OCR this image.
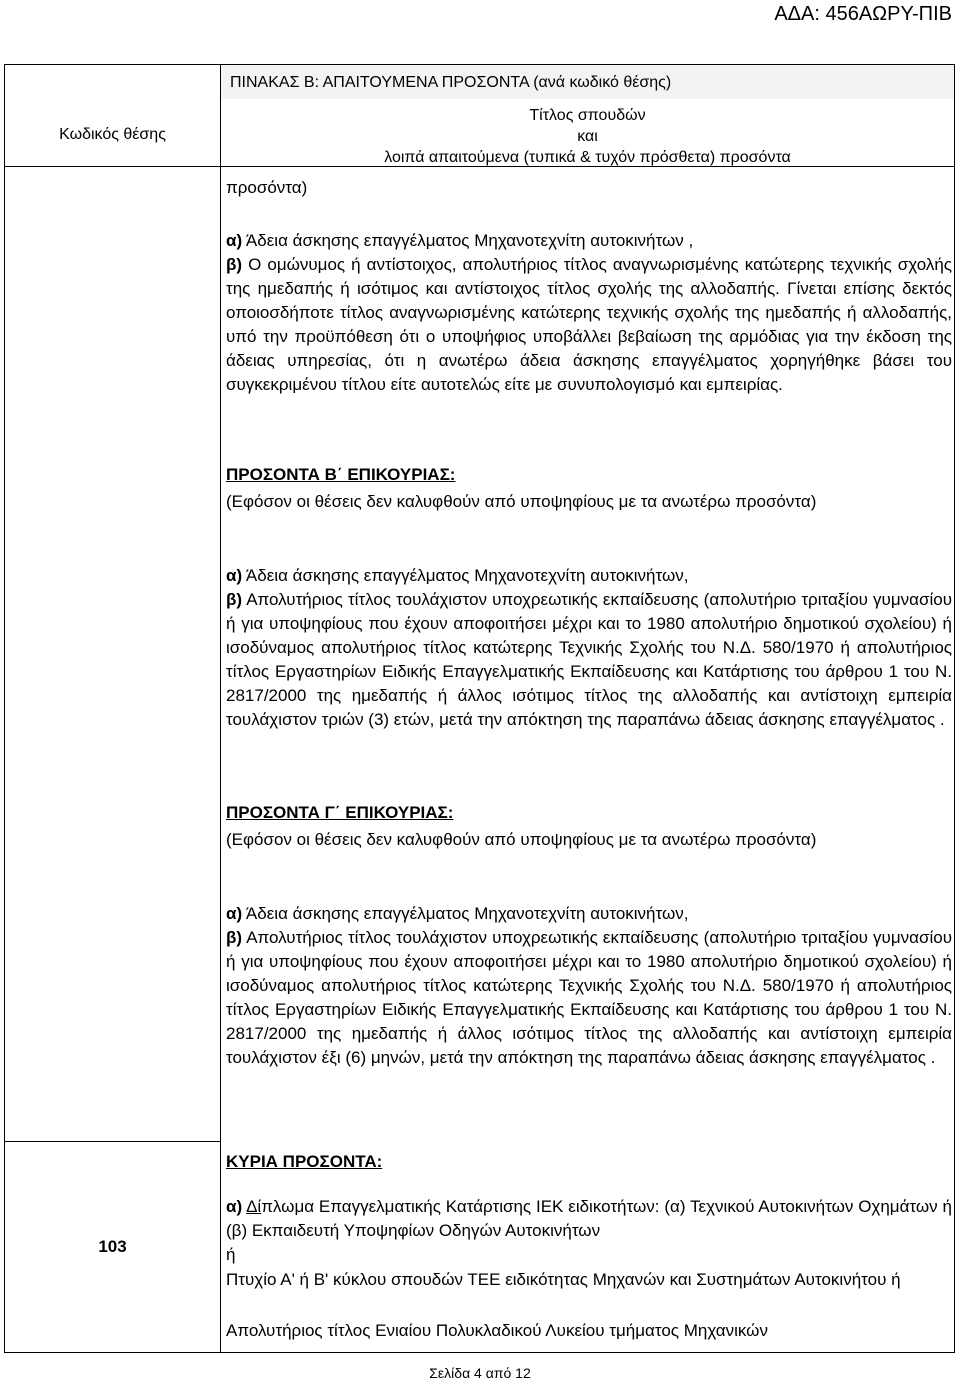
ΑΔΑ: 456ΑΩΡΥ-ΠΙΒ
ΠΙΝΑΚΑΣ Β: ΑΠΑΙΤΟΥΜΕΝΑ ΠΡΟΣΟΝΤΑ (ανά κωδικό θέσης)
Κωδικός θέσης
Τίτλος σπουδών
και
λοιπά απαιτούμενα (τυπικά & τυχόν πρόσθετα) προσόντα
προσόντα)
α) Άδεια άσκησης επαγγέλματος Μηχανοτεχνίτη αυτοκινήτων ,
β) Ο ομώνυμος ή αντίστοιχος, απολυτήριος τίτλος αναγνωρισμένης κατώτερης τεχνικής σχολής της ημεδαπής ή ισότιμος και αντίστοιχος τίτλος σχολής της αλλοδαπής. Γίνεται επίσης δεκτός οποιοσδήποτε τίτλος αναγνωρισμένης κατώτερης τεχνικής σχολής της ημεδαπής ή αλλοδαπής, υπό την προϋπόθεση ότι ο υποψήφιος υποβάλλει βεβαίωση της αρμόδιας για την έκδοση της άδειας υπηρεσίας, ότι η ανωτέρω άδεια άσκησης επαγγέλματος χορηγήθηκε βάσει του συγκεκριμένου τίτλου είτε αυτοτελώς είτε με συνυπολογισμό και εμπειρίας.
ΠΡΟΣΟΝΤΑ Β΄ ΕΠΙΚΟΥΡΙΑΣ:
(Εφόσον οι θέσεις δεν καλυφθούν από υποψηφίους με τα ανωτέρω προσόντα)
α) Άδεια άσκησης επαγγέλματος Μηχανοτεχνίτη αυτοκινήτων,
β) Απολυτήριος τίτλος τουλάχιστον υποχρεωτικής εκπαίδευσης (απολυτήριο τριταξίου γυμνασίου ή για υποψηφίους που έχουν αποφοιτήσει μέχρι και το 1980 απολυτήριο δημοτικού σχολείου) ή ισοδύναμος απολυτήριος τίτλος κατώτερης Τεχνικής Σχολής του Ν.Δ. 580/1970 ή απολυτήριος τίτλος Εργαστηρίων Ειδικής Επαγγελματικής Εκπαίδευσης και Κατάρτισης του άρθρου 1 του Ν. 2817/2000 της ημεδαπής ή άλλος ισότιμος τίτλος της αλλοδαπής και αντίστοιχη εμπειρία τουλάχιστον τριών (3) ετών, μετά την απόκτηση της παραπάνω άδειας άσκησης επαγγέλματος .
ΠΡΟΣΟΝΤΑ Γ΄ ΕΠΙΚΟΥΡΙΑΣ:
(Εφόσον οι θέσεις δεν καλυφθούν από υποψηφίους με τα ανωτέρω προσόντα)
α) Άδεια άσκησης επαγγέλματος Μηχανοτεχνίτη αυτοκινήτων,
β) Απολυτήριος τίτλος τουλάχιστον υποχρεωτικής εκπαίδευσης (απολυτήριο τριταξίου γυμνασίου ή για υποψηφίους που έχουν αποφοιτήσει μέχρι και το 1980 απολυτήριο δημοτικού σχολείου) ή ισοδύναμος απολυτήριος τίτλος κατώτερης Τεχνικής Σχολής του Ν.Δ. 580/1970 ή απολυτήριος τίτλος Εργαστηρίων Ειδικής Επαγγελματικής Εκπαίδευσης και Κατάρτισης του άρθρου 1 του Ν. 2817/2000 της ημεδαπής ή άλλος ισότιμος τίτλος της αλλοδαπής και αντίστοιχη εμπειρία τουλάχιστον έξι (6) μηνών, μετά την απόκτηση της παραπάνω άδειας άσκησης επαγγέλματος .
103
ΚΥΡΙΑ ΠΡΟΣΟΝΤΑ:
α) Δίπλωμα Επαγγελματικής Κατάρτισης ΙΕΚ ειδικοτήτων: (α) Τεχνικού Αυτοκινήτων Οχημάτων ή (β) Εκπαιδευτή Υποψηφίων Οδηγών Αυτοκινήτων
ή
Πτυχίο Α' ή Β' κύκλου σπουδών ΤΕΕ ειδικότητας Μηχανών και Συστημάτων Αυτοκινήτου ή
Απολυτήριος τίτλος Ενιαίου Πολυκλαδικού Λυκείου τμήματος Μηχανικών
Σελίδα 4 από 12
